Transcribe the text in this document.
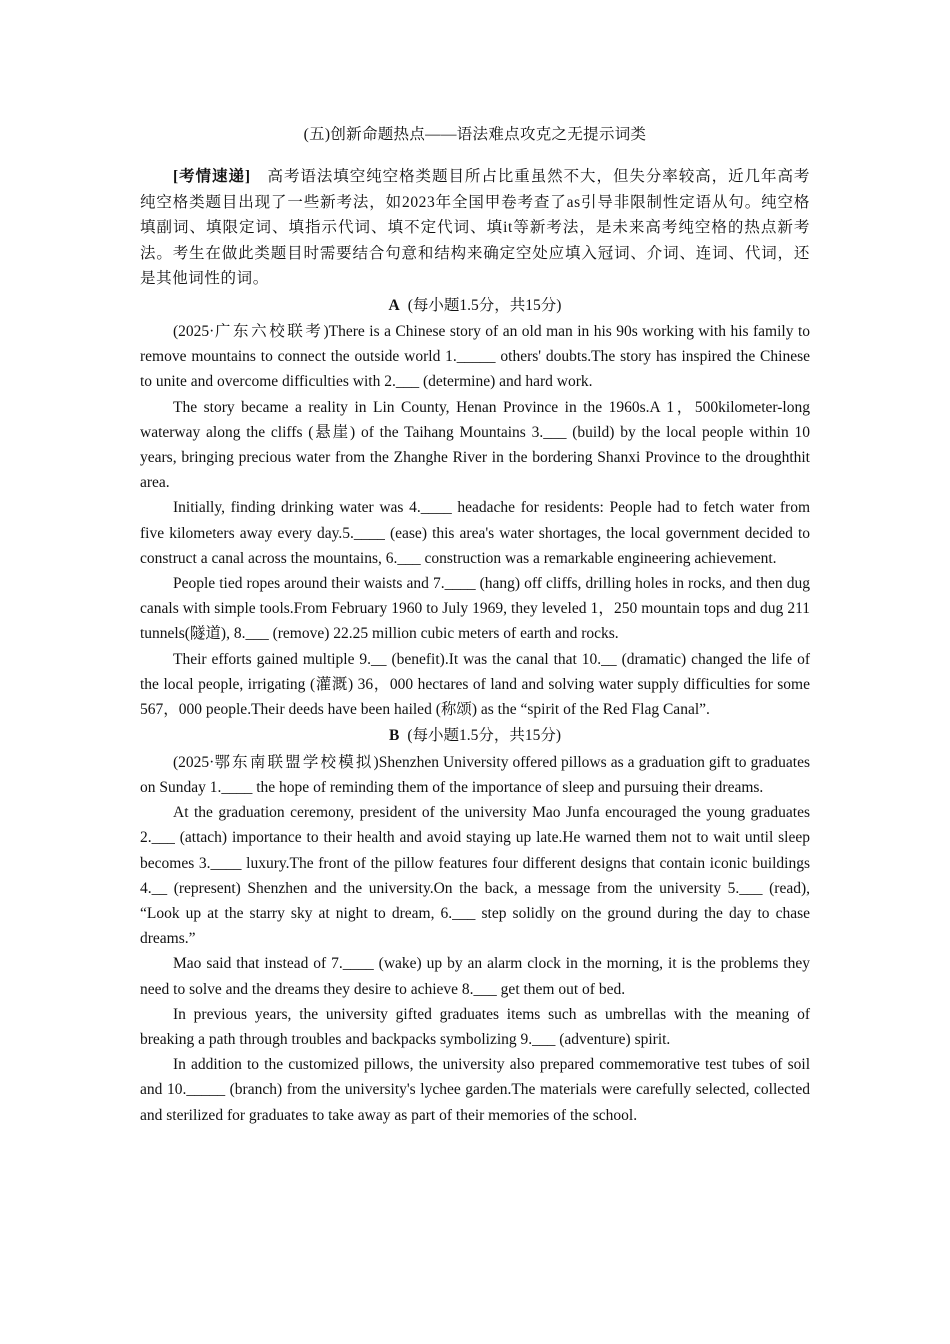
(五)创新命题热点——语法难点攻克之无提示词类

[考情速递]　高考语法填空纯空格类题目所占比重虽然不大，但失分率较高，近几年高考纯空格类题目出现了一些新考法，如2023年全国甲卷考查了as引导非限制性定语从句。纯空格填副词、填限定词、填指示代词、填不定代词、填it等新考法，是未来高考纯空格的热点新考法。考生在做此类题目时需要结合句意和结构来确定空处应填入冠词、介词、连词、代词，还是其他词性的词。

A (每小题1.5分，共15分)

(2025·广东六校联考)There is a Chinese story of an old man in his 90s working with his family to remove mountains to connect the outside world 1._____ others' doubts.The story has inspired the Chinese to unite and overcome difficulties with 2.___ (determine) and hard work.

The story became a reality in Lin County, Henan Province in the 1960s.A 1，500kilometer-long waterway along the cliffs (悬崖) of the Taihang Mountains 3.___ (build) by the local people within 10 years, bringing precious water from the Zhanghe River in the bordering Shanxi Province to the droughthit area.

Initially, finding drinking water was 4.____ headache for residents: People had to fetch water from five kilometers away every day.5.____ (ease) this area's water shortages, the local government decided to construct a canal across the mountains, 6.___ construction was a remarkable engineering achievement.

People tied ropes around their waists and 7.____ (hang) off cliffs, drilling holes in rocks, and then dug canals with simple tools.From February 1960 to July 1969, they leveled 1，250 mountain tops and dug 211 tunnels(隧道), 8.___ (remove) 22.25 million cubic meters of earth and rocks.

Their efforts gained multiple 9.__ (benefit).It was the canal that 10.__ (dramatic) changed the life of the local people, irrigating (灌溉) 36，000 hectares of land and solving water supply difficulties for some 567，000 people.Their deeds have been hailed (称颂) as the “spirit of the Red Flag Canal”.

B (每小题1.5分，共15分)

(2025·鄂东南联盟学校模拟)Shenzhen University offered pillows as a graduation gift to graduates on Sunday 1.____ the hope of reminding them of the importance of sleep and pursuing their dreams.

At the graduation ceremony, president of the university Mao Junfa encouraged the young graduates 2.___ (attach) importance to their health and avoid staying up late.He warned them not to wait until sleep becomes 3.____ luxury.The front of the pillow features four different designs that contain iconic buildings 4.__ (represent) Shenzhen and the university.On the back, a message from the university 5.___ (read), “Look up at the starry sky at night to dream, 6.___ step solidly on the ground during the day to chase dreams.”

Mao said that instead of 7.____ (wake) up by an alarm clock in the morning, it is the problems they need to solve and the dreams they desire to achieve 8.___ get them out of bed.

In previous years, the university gifted graduates items such as umbrellas with the meaning of breaking a path through troubles and backpacks symbolizing 9.___ (adventure) spirit.

In addition to the customized pillows, the university also prepared commemorative test tubes of soil and 10._____ (branch) from the university's lychee garden.The materials were carefully selected, collected and sterilized for graduates to take away as part of their memories of the school.
